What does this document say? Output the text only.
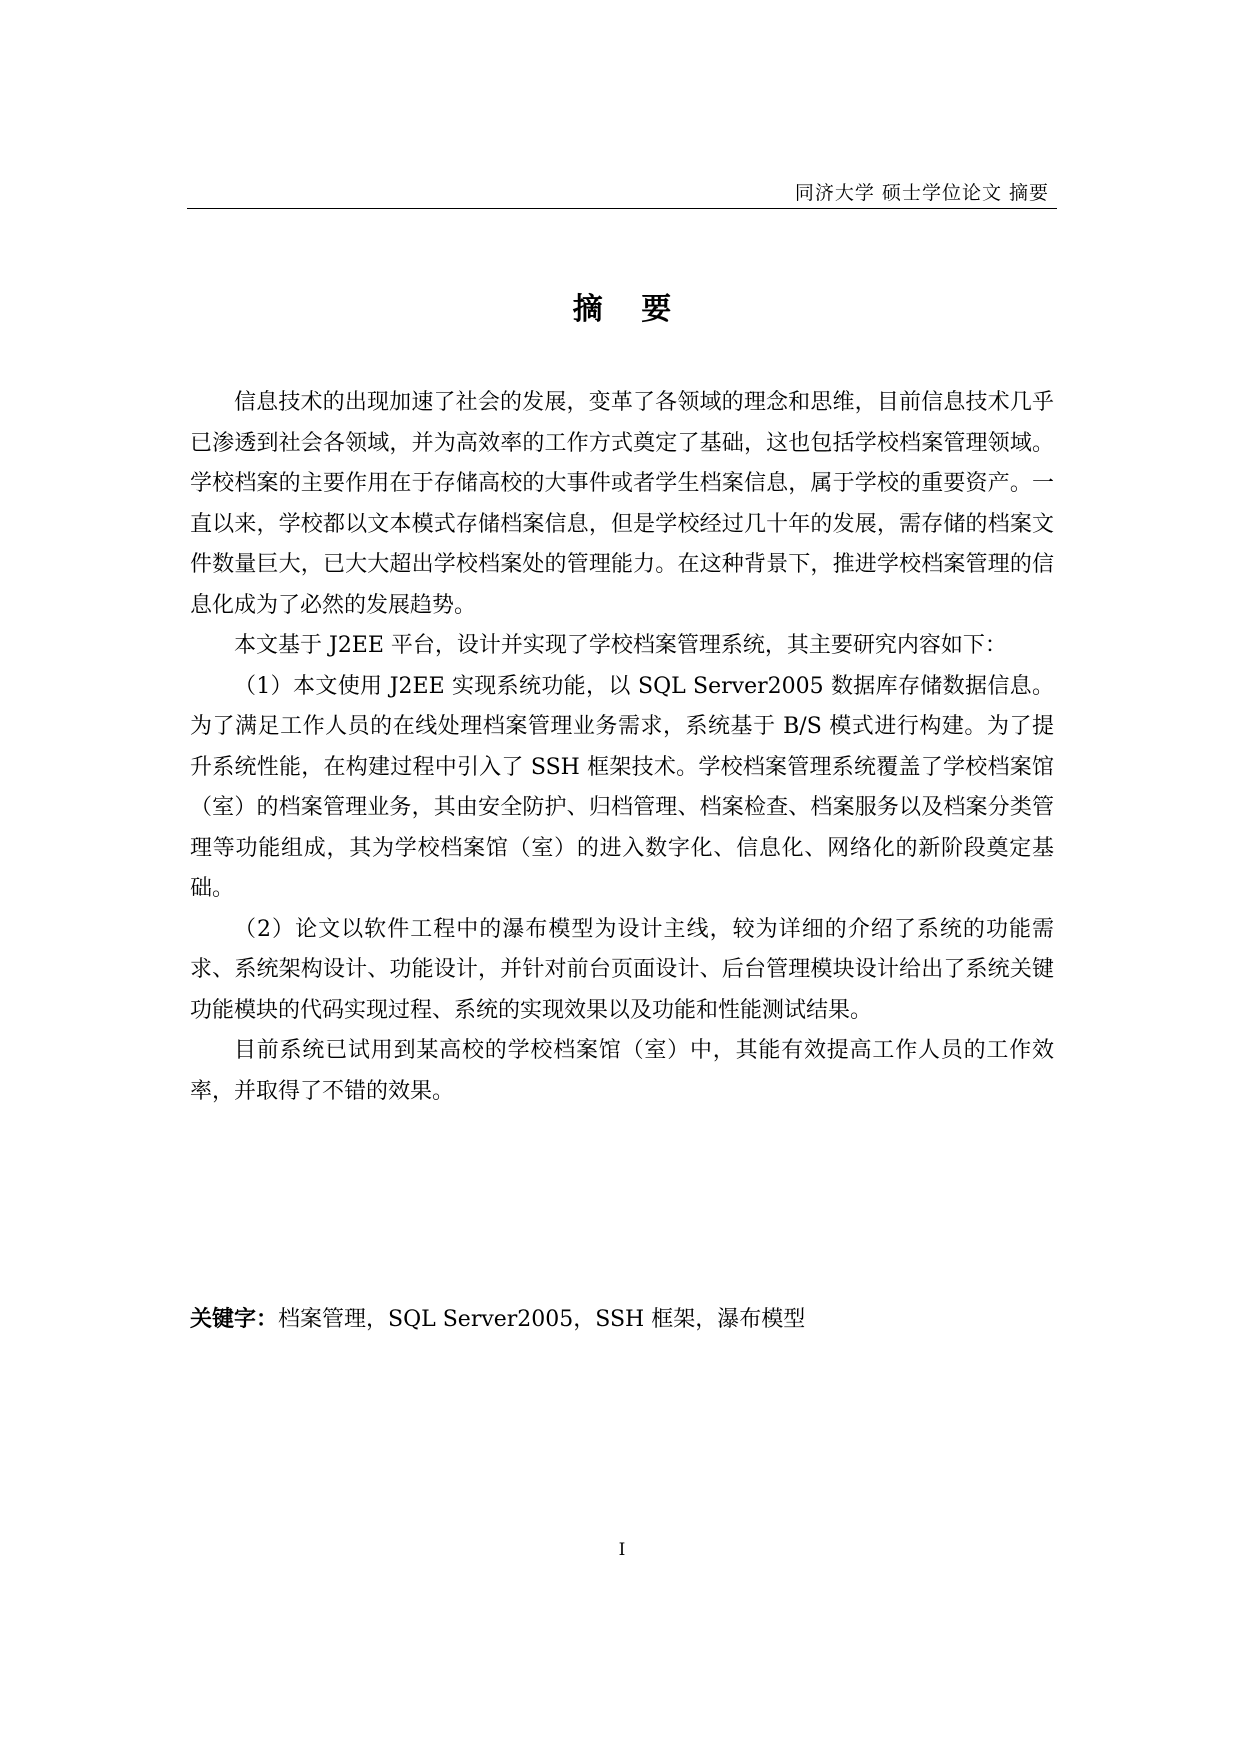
同济大学 硕士学位论文 摘要
摘 要

信息技术的出现加速了社会的发展，变革了各领域的理念和思维，目前信息技术几乎已渗透到社会各领域，并为高效率的工作方式奠定了基础，这也包括学校档案管理领域。学校档案的主要作用在于存储高校的大事件或者学生档案信息，属于学校的重要资产。一直以来，学校都以文本模式存储档案信息，但是学校经过几十年的发展，需存储的档案文件数量巨大，已大大超出学校档案处的管理能力。在这种背景下，推进学校档案管理的信息化成为了必然的发展趋势。

本文基于 J2EE 平台，设计并实现了学校档案管理系统，其主要研究内容如下：

（1）本文使用 J2EE 实现系统功能，以 SQL Server2005 数据库存储数据信息。为了满足工作人员的在线处理档案管理业务需求，系统基于 B/S 模式进行构建。为了提升系统性能，在构建过程中引入了 SSH 框架技术。学校档案管理系统覆盖了学校档案馆（室）的档案管理业务，其由安全防护、归档管理、档案检查、档案服务以及档案分类管理等功能组成，其为学校档案馆（室）的进入数字化、信息化、网络化的新阶段奠定基础。

（2）论文以软件工程中的瀑布模型为设计主线，较为详细的介绍了系统的功能需求、系统架构设计、功能设计，并针对前台页面设计、后台管理模块设计给出了系统关键功能模块的代码实现过程、系统的实现效果以及功能和性能测试结果。

目前系统已试用到某高校的学校档案馆（室）中，其能有效提高工作人员的工作效率，并取得了不错的效果。

关键字：档案管理，SQL Server2005，SSH 框架，瀑布模型
I
